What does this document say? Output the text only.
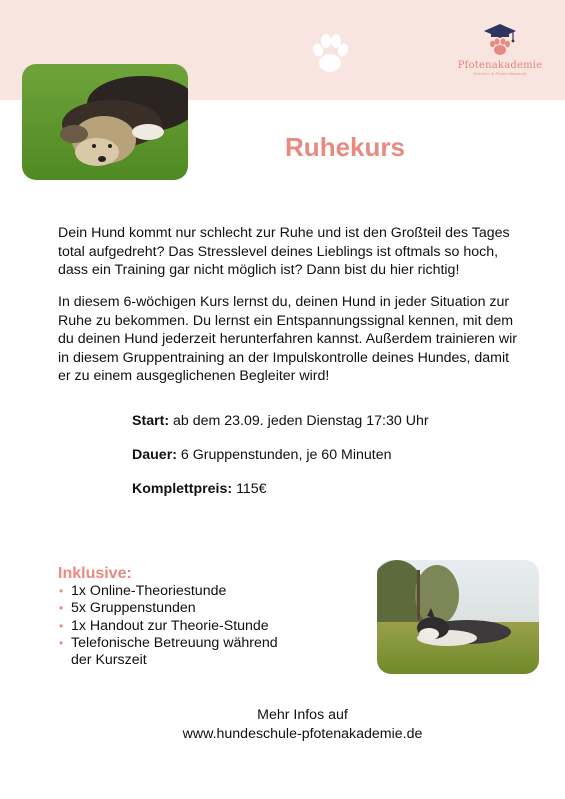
Pfotenakademie
Schellen & Pfoten Bayreuth
Ruhekurs

Dein Hund kommt nur schlecht zur Ruhe und ist den Großteil des Tages total aufgedreht? Das Stresslevel deines Lieblings ist oftmals so hoch, dass ein Training gar nicht möglich ist? Dann bist du hier richtig!

In diesem 6-wöchigen Kurs lernst du, deinen Hund in jeder Situation zur Ruhe zu bekommen. Du lernst ein Entspannungssignal kennen, mit dem du deinen Hund jederzeit herunterfahren kannst. Außerdem trainieren wir in diesem Gruppentraining an der Impulskontrolle deines Hundes, damit er zu einem ausgeglichenen Begleiter wird!

Start: ab dem 23.09. jeden Dienstag 17:30 Uhr

Dauer: 6 Gruppenstunden, je 60 Minuten

Komplettpreis: 115€

Inklusive:
• 1x Online-Theoriestunde
• 5x Gruppenstunden
• 1x Handout zur Theorie-Stunde
• Telefonische Betreuung während der Kurszeit
Mehr Infos auf
www.hundeschule-pfotenakademie.de
